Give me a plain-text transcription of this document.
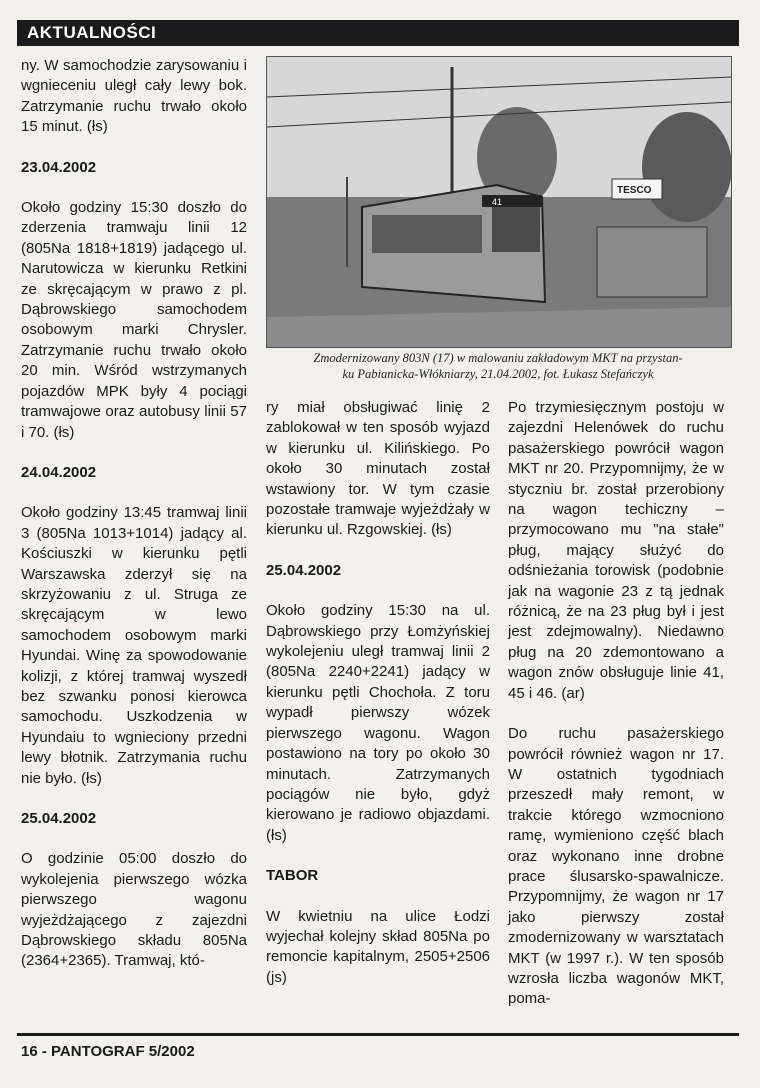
AKTUALNOŚCI

ny. W samochodzie zarysowaniu i wgnieceniu uległ cały lewy bok. Zatrzymanie ruchu trwało około 15 minut. (łs)

23.04.2002

Około godziny 15:30 doszło do zderzenia tramwaju linii 12 (805Na 1818+1819) jadącego ul. Narutowicza w kierunku Retkini ze skręcającym w prawo z pl. Dąbrowskiego samochodem osobowym marki Chrysler. Zatrzymanie ruchu trwało około 20 min. Wśród wstrzymanych pojazdów MPK były 4 pociągi tramwajowe oraz autobusy linii 57 i 70. (łs)

24.04.2002

Około godziny 13:45 tramwaj linii 3 (805Na 1013+1014) jadący al. Kościuszki w kierunku pętli Warszawska zderzył się na skrzyżowaniu z ul. Struga ze skręcającym w lewo samochodem osobowym marki Hyundai. Winę za spowodowanie kolizji, z której tramwaj wyszedł bez szwanku ponosi kierowca samochodu. Uszkodzenia w Hyundaiu to wgnieciony przedni lewy błotnik. Zatrzymania ruchu nie było. (łs)

25.04.2002

O godzinie 05:00 doszło do wykolejenia pierwszego wózka pierwszego wagonu wyjeżdżającego z zajezdni Dąbrowskiego składu 805Na (2364+2365). Tramwaj, któ-

41
TESCO
Zmodernizowany 803N (17) w malowaniu zakładowym MKT na przystan-
ku Pabianicka-Włókniarzy, 21.04.2002, fot. Łukasz Stefańczyk

ry miał obsługiwać linię 2 zablokował w ten sposób wyjazd w kierunku ul. Kilińskiego. Po około 30 minutach został wstawiony tor. W tym czasie pozostałe tramwaje wyjeżdżały w kierunku ul. Rzgowskiej. (łs)

25.04.2002

Około godziny 15:30 na ul. Dąbrowskiego przy Łomżyńskiej wykolejeniu uległ tramwaj linii 2 (805Na 2240+2241) jadący w kierunku pętli Chochoła. Z toru wypadł pierwszy wózek pierwszego wagonu. Wagon postawiono na tory po około 30 minutach. Zatrzymanych pociągów nie było, gdyż kierowano je radiowo objazdami. (łs)

TABOR

W kwietniu na ulice Łodzi wyjechał kolejny skład 805Na po remoncie kapitalnym, 2505+2506 (js)

Po trzymiesięcznym postoju w zajezdni Helenówek do ruchu pasażerskiego powrócił wagon MKT nr 20. Przypomnijmy, że w styczniu br. został przerobiony na wagon techiczny – przymocowano mu "na stałe" pług, mający służyć do odśnieżania torowisk (podobnie jak na wagonie 23 z tą jednak różnicą, że na 23 pług był i jest jest zdejmowalny). Niedawno pług na 20 zdemontowano a wagon znów obsługuje linie 41, 45 i 46. (ar)

Do ruchu pasażerskiego powrócił również wagon nr 17. W ostatnich tygodniach przeszedł mały remont, w trakcie którego wzmocniono ramę, wymieniono część blach oraz wykonano inne drobne prace ślusarsko-spawalnicze. Przypomnijmy, że wagon nr 17 jako pierwszy został zmodernizowany w warsztatach MKT (w 1997 r.). W ten sposób wzrosła liczba wagonów MKT, poma-

16 - PANTOGRAF 5/2002
